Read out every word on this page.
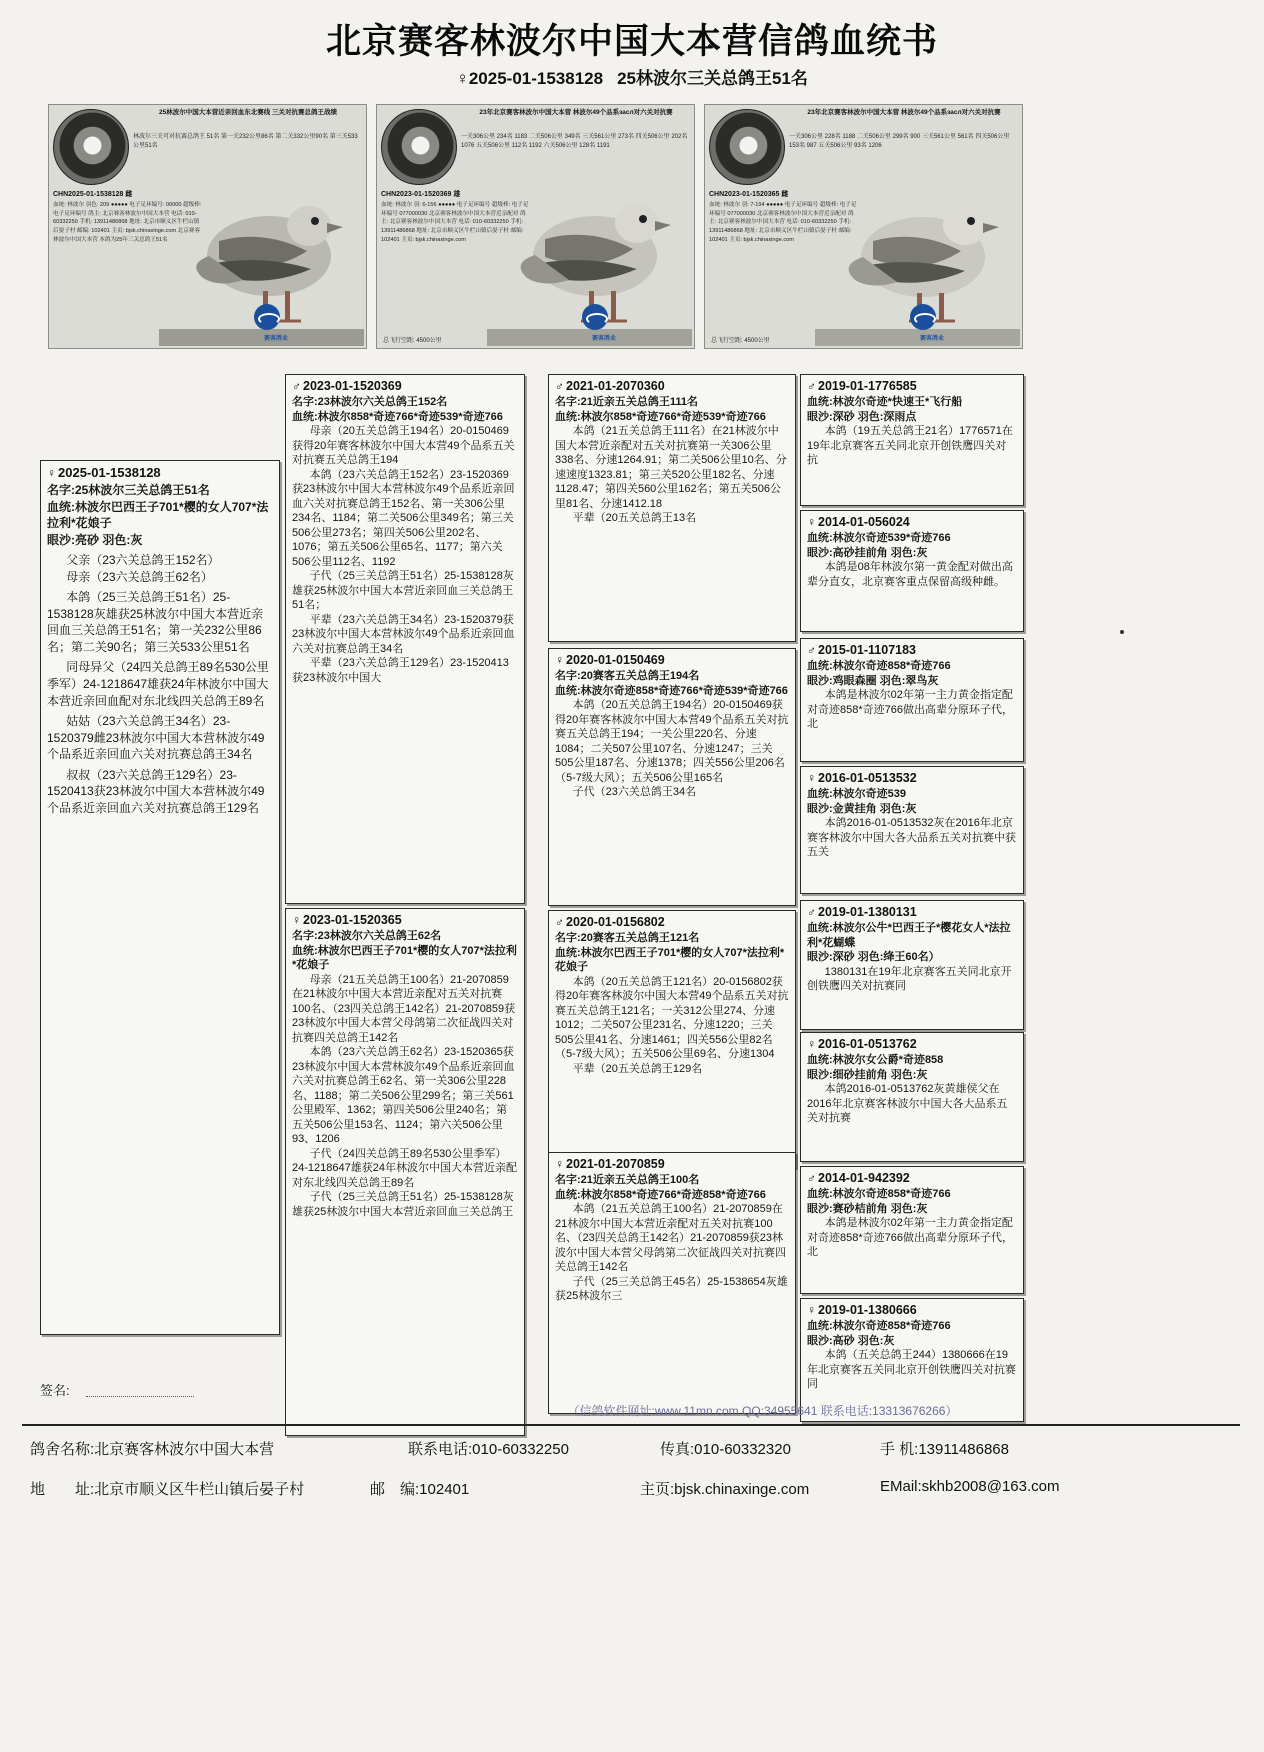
北京赛客林波尔中国大本营信鸽血统书
♀2025-01-1538128 25林波尔三关总鸽王51名
25林波尔中国大本营近亲回血东北赛线 三关对抗赛总鸽王战绩
林波尔三关可对抗赛总鸽王 51名 第一关232公里86名 第二关332公里90名 第三关533公里51名
CHN2025-01-1538128 雌
血统: 林波尔 羽色: 209 ●●●●● 电子足环编号: 00000 超级棒: 电子足环编号 鸽主: 北京赛客林波尔中国大本营 电话: 010-60332250 手机: 13911486868 地址: 北京市顺义区牛栏山镇后晏子村 邮编: 102401 主页: bjsk.chinaxinge.com 北京赛客林波尔中国大本营 本鸽为25年三关总鸽王51名
赛客鸽业
23年北京赛客林波尔中国大本营 林波尔49个品系засл对六关对抗赛
一关306公里 234名 1183 二关506公里 349名 三关561公里 273名 四关506公里 202名 1076 五关506公里 112名 1192 六关506公里 128名 1191
CHN2023-01-1520369 雄
血统: 林波尔 羽: 6-156 ●●●●● 电子足环编号 超级棒: 电子足环编号 077000030 北京赛客林波尔中国大本营近亲配对 鸽主: 北京赛客林波尔中国大本营 电话: 010-60332250 手机: 13911486868 地址: 北京市顺义区牛栏山镇后晏子村 邮编: 102401 主页: bjsk.chinaxinge.com
赛客鸽业
总飞行空距: 4500公里
23年北京赛客林波尔中国大本营 林波尔49个品系засл对六关对抗赛
一关306公里 228名 1188 二关506公里 299名 900 三关561公里 561名 四关506公里 153名 987 五关506公里 93名 1206
CHN2023-01-1520365 雌
血统: 林波尔 羽: 7-194 ●●●●● 电子足环编号 超级棒: 电子足环编号 077000030 北京赛客林波尔中国大本营近亲配对 鸽主: 北京赛客林波尔中国大本营 电话: 010-60332250 手机: 13911486868 地址: 北京市顺义区牛栏山镇后晏子村 邮编: 102401 主页: bjsk.chinaxinge.com
赛客鸽业
总飞行空距: 4500公里
♀ 2025-01-1538128
名字:25林波尔三关总鸽王51名
血统:林波尔巴西王子701*樱的女人707*法拉利*花娘子
眼沙:亮砂 羽色:灰
父亲（23六关总鸽王152名）
母亲（23六关总鸽王62名）
本鸽（25三关总鸽王51名）25-1538128灰雄获25林波尔中国大本营近亲回血三关总鸽王51名；第一关232公里86名；第二关90名；第三关533公里51名
同母异父（24四关总鸽王89名530公里季军）24-1218647雄获24年林波尔中国大本营近亲回血配对东北线四关总鸽王89名
姑姑（23六关总鸽王34名）23-1520379雌23林波尔中国大本营林波尔49个品系近亲回血六关对抗赛总鸽王34名
叔叔（23六关总鸽王129名）23-1520413获23林波尔中国大本营林波尔49个品系近亲回血六关对抗赛总鸽王129名
♂ 2023-01-1520369
名字:23林波尔六关总鸽王152名
血统:林波尔858*奇迹766*奇迹539*奇迹766
母亲（20五关总鸽王194名）20-0150469获得20年赛客林波尔中国大本营49个品系五关对抗赛五关总鸽王194
本鸽（23六关总鸽王152名）23-1520369获23林波尔中国大本营林波尔49个品系近亲回血六关对抗赛总鸽王152名、第一关306公里234名、1184；第二关506公里349名；第三关506公里273名；第四关506公里202名、1076；第五关506公里65名、1177；第六关506公里112名、1192
子代（25三关总鸽王51名）25-1538128灰雄获25林波尔中国大本营近亲回血三关总鸽王51名；
平辈（23六关总鸽王34名）23-1520379获23林波尔中国大本营林波尔49个品系近亲回血六关对抗赛总鸽王34名
平辈（23六关总鸽王129名）23-1520413获23林波尔中国大
♀ 2023-01-1520365
名字:23林波尔六关总鸽王62名
血统:林波尔巴西王子701*樱的女人707*法拉利*花娘子
母亲（21五关总鸽王100名）21-2070859在21林波尔中国大本营近亲配对五关对抗赛100名、（23四关总鸽王142名）21-2070859获23林波尔中国大本营父母鸽第二次征战四关对抗赛四关总鸽王142名
本鸽（23六关总鸽王62名）23-1520365获23林波尔中国大本营林波尔49个品系近亲回血六关对抗赛总鸽王62名、第一关306公里228名、1188；第二关506公里299名；第三关561公里殿军、1362；第四关506公里240名；第五关506公里153名、1124；第六关506公里93、1206
子代（24四关总鸽王89名530公里季军）24-1218647雄获24年林波尔中国大本营近亲配对东北线四关总鸽王89名
子代（25三关总鸽王51名）25-1538128灰雄获25林波尔中国大本营近亲回血三关总鸽王
♂ 2021-01-2070360
名字:21近亲五关总鸽王111名
血统:林波尔858*奇迹766*奇迹539*奇迹766
本鸽（21五关总鸽王111名）在21林波尔中国大本营近亲配对五关对抗赛第一关306公里338名、分速1264.91；第二关506公里10名、分速速度1323.81；第三关520公里182名、分速1128.47；第四关560公里162名；第五关506公里81名、分速1412.18
平辈（20五关总鸽王13名
♀ 2020-01-0150469
名字:20赛客五关总鸽王194名
血统:林波尔奇迹858*奇迹766*奇迹539*奇迹766
本鸽（20五关总鸽王194名）20-0150469获得20年赛客林波尔中国大本营49个品系五关对抗赛五关总鸽王194；一关公里220名、分速1084；二关507公里107名、分速1247；三关505公里187名、分速1378；四关556公里206名（5-7级大风）；五关506公里165名
子代（23六关总鸽王34名
♂ 2020-01-0156802
名字:20赛客五关总鸽王121名
血统:林波尔巴西王子701*樱的女人707*法拉利*花娘子
本鸽（20五关总鸽王121名）20-0156802获得20年赛客林波尔中国大本营49个品系五关对抗赛五关总鸽王121名；一关312公里274、分速1012；二关507公里231名、分速1220；三关505公里41名、分速1461；四关556公里82名（5-7级大风）；五关506公里69名、分速1304
平辈（20五关总鸽王129名
♀ 2021-01-2070859
名字:21近亲五关总鸽王100名
血统:林波尔858*奇迹766*奇迹858*奇迹766
本鸽（21五关总鸽王100名）21-2070859在21林波尔中国大本营近亲配对五关对抗赛100名、（23四关总鸽王142名）21-2070859获23林波尔中国大本营父母鸽第二次征战四关对抗赛四关总鸽王142名
子代（25三关总鸽王45名）25-1538654灰雄获25林波尔三
♂ 2019-01-1776585
血统:林波尔奇迹*快速王*飞行船
眼沙:深砂 羽色:深雨点
本鸽（19五关总鸽王21名）1776571在19年北京赛客五关同北京开创铁鹰四关对抗
♀ 2014-01-056024
血统:林波尔奇迹539*奇迹766
眼沙:高砂挂前角 羽色:灰
本鸽是08年林波尔第一黄金配对做出高辈分直女，北京赛客重点保留高级种雌。
♂ 2015-01-1107183
血统:林波尔奇迹858*奇迹766
眼沙:鸡眼森圈 羽色:翠鸟灰
本鸽是林波尔02年第一主力黄金指定配对奇迹858*奇迹766做出高辈分原环子代，北
♀ 2016-01-0513532
血统:林波尔奇迹539
眼沙:金黄挂角 羽色:灰
本鸽2016-01-0513532灰在2016年北京赛客林波尔中国大各大品系五关对抗赛中获五关
♂ 2019-01-1380131
血统:林波尔公牛*巴西王子*樱花女人*法拉利*花蝴蝶
眼沙:深砂 羽色:绛王60名）
1380131在19年北京赛客五关同北京开创铁鹰四关对抗赛同
♀ 2016-01-0513762
血统:林波尔女公爵*奇迹858
眼沙:细砂挂前角 羽色:灰
本鸽2016-01-0513762灰黄雄侯父在2016年北京赛客林波尔中国大各大品系五关对抗赛
♂ 2014-01-942392
血统:林波尔奇迹858*奇迹766
眼沙:赛砂桔前角 羽色:灰
本鸽是林波尔02年第一主力黄金指定配对奇迹858*奇迹766做出高辈分原环子代，北
♀ 2019-01-1380666
血统:林波尔奇迹858*奇迹766
眼沙:高砂 羽色:灰
本鸽（五关总鸽王244）1380666在19年北京赛客五关同北京开创铁鹰四关对抗赛同
签名:
（信鸽软件网址:www.11mn.com QQ:34955641 联系电话:13313676266）
鸽舍名称:北京赛客林波尔中国大本营	联系电话:010-60332250	传真:010-60332320	手 机:13911486868
地　　址:北京市顺义区牛栏山镇后晏子村	邮　编:102401	主页:bjsk.chinaxinge.com	EMail:skhb2008@163.com
